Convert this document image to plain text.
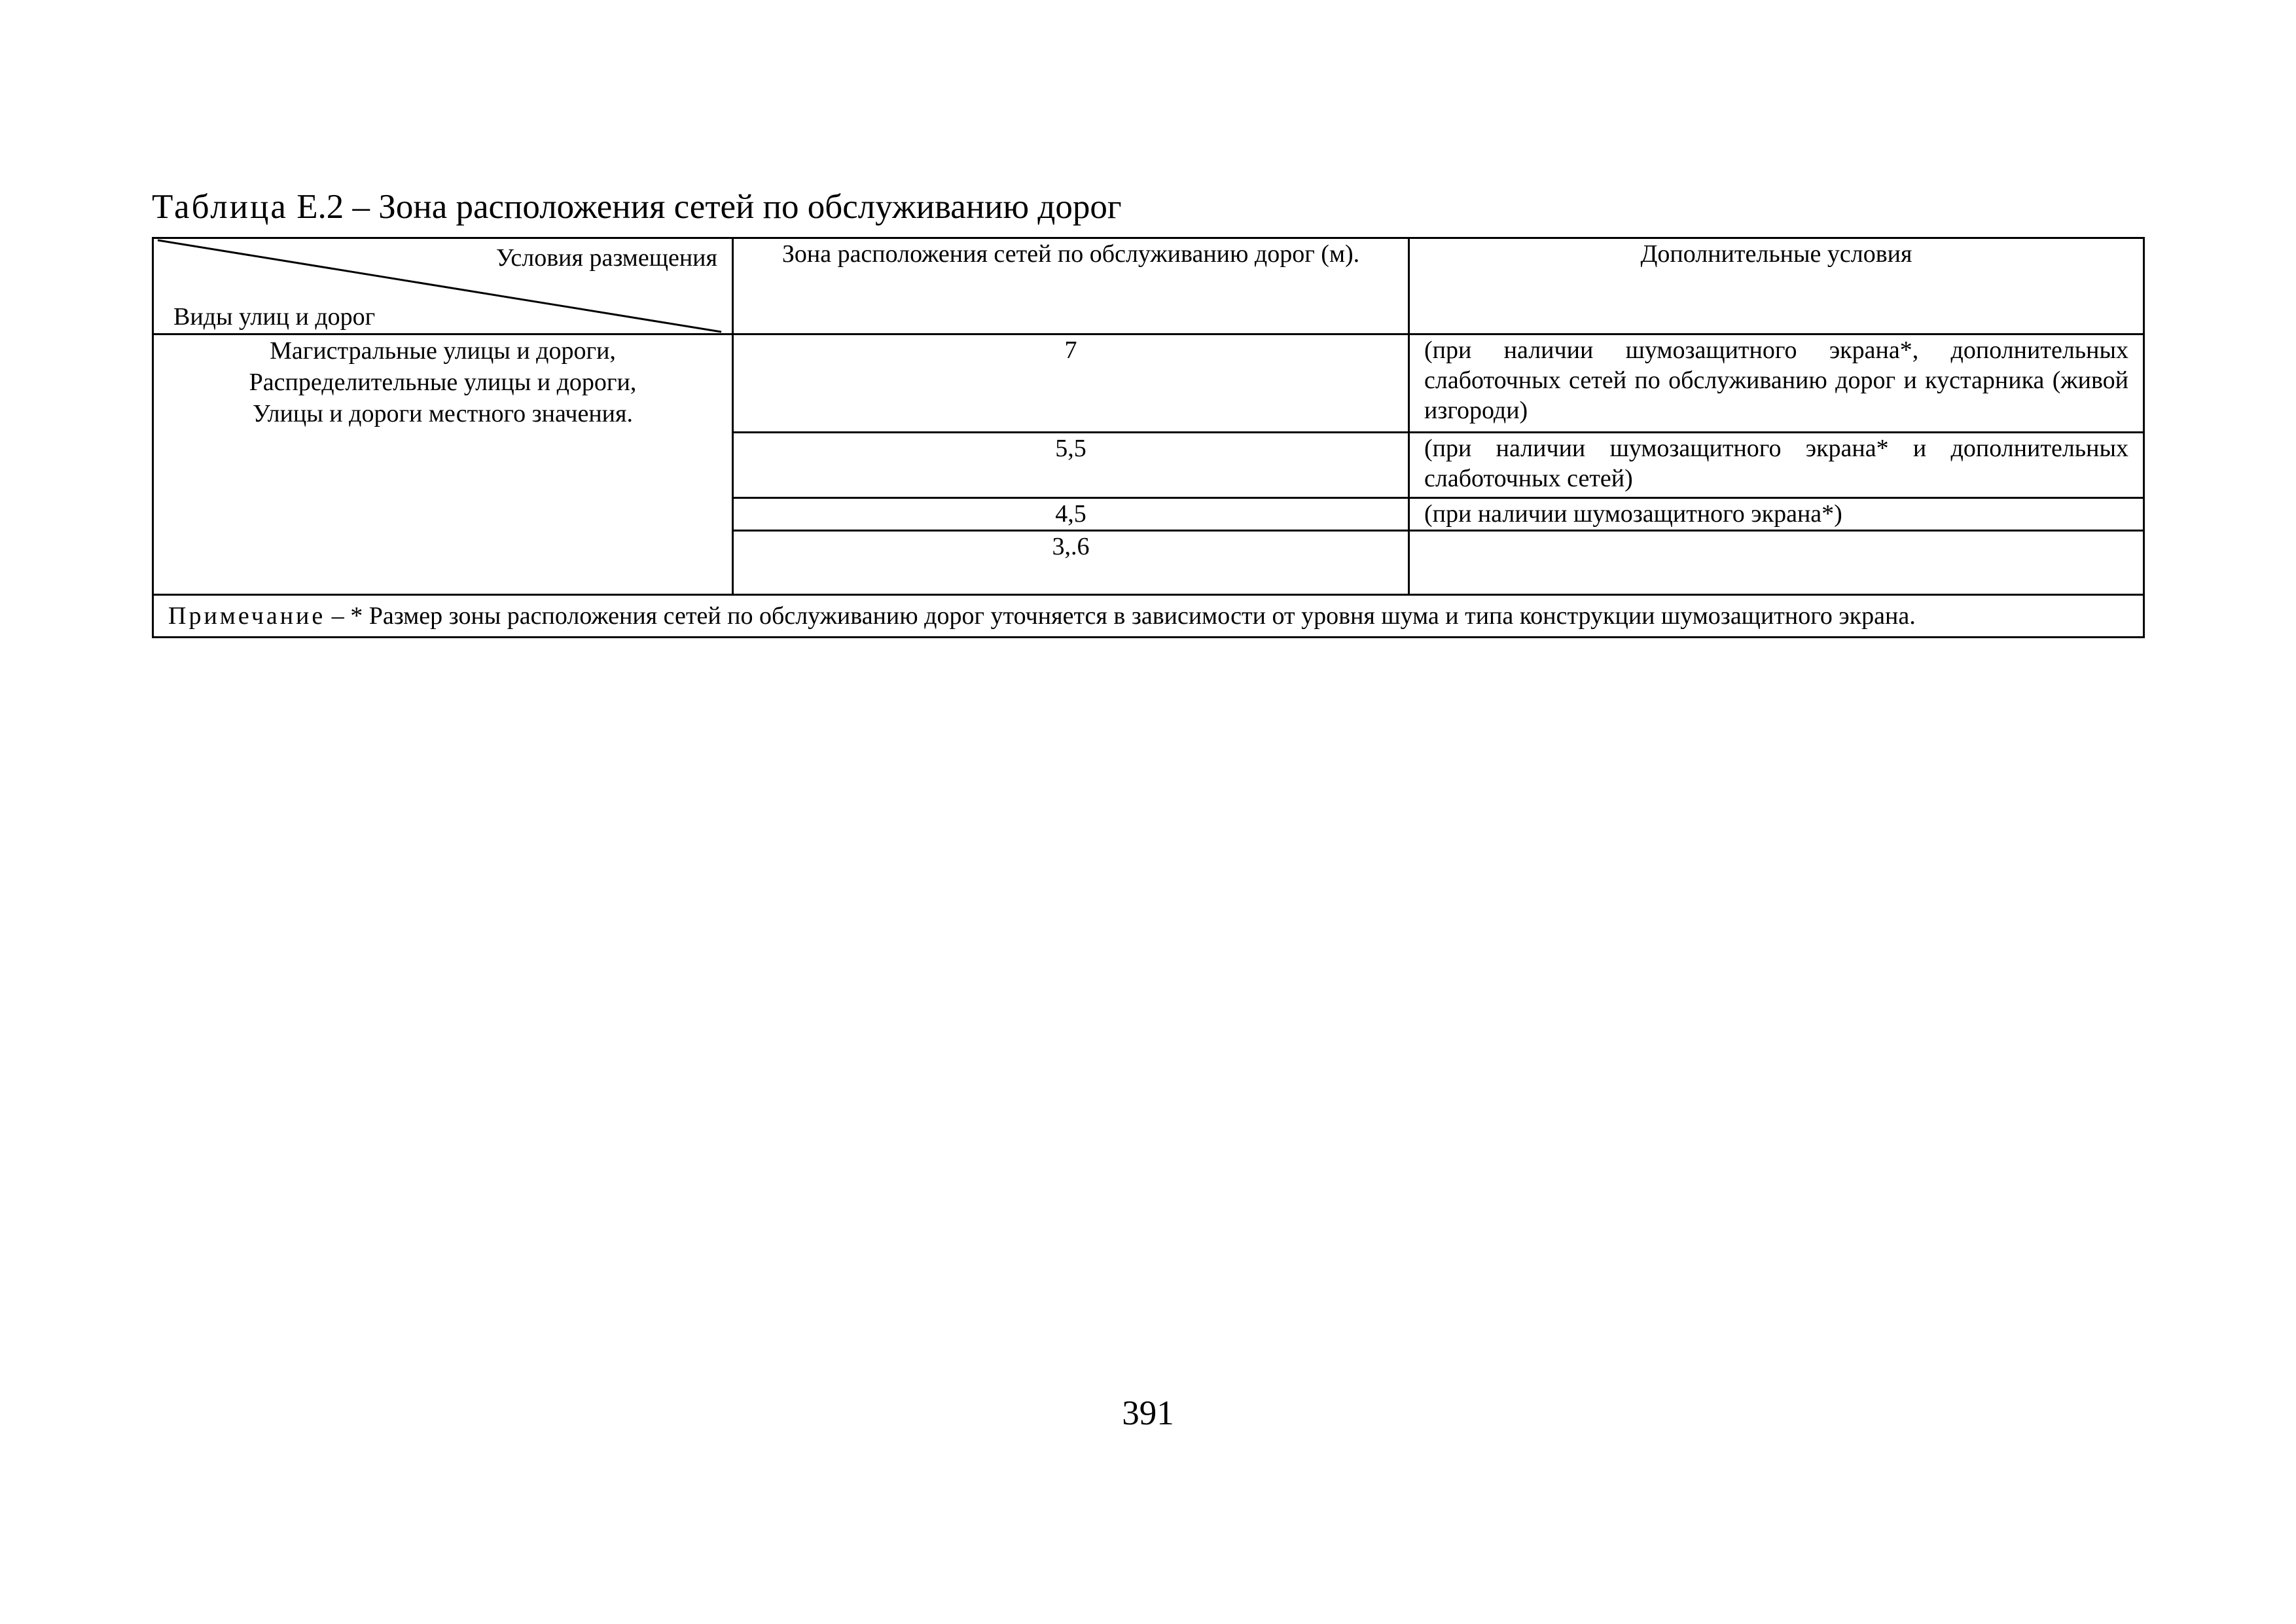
Таблица Е.2 – Зона расположения сетей по обслуживанию дорог
Условия размещения
Виды улиц и дорог	Зона расположения сетей по обслуживанию дорог (м).	Дополнительные условия

Магистральные улицы и дороги,
Распределительные улицы и дороги,
Улицы и дороги местного значения.	7	(при наличии шумозащитного экрана*, дополнительных слаботочных сетей по обслуживанию дорог и кустарника (живой изгороди)
	5,5	(при наличии шумозащитного экрана* и дополнительных слаботочных сетей)
	4,5	(при наличии шумозащитного экрана*)
	3,.6	
Примечание – * Размер зоны расположения сетей по обслуживанию дорог уточняется в зависимости от уровня шума и типа конструкции шумозащитного экрана.		
391
